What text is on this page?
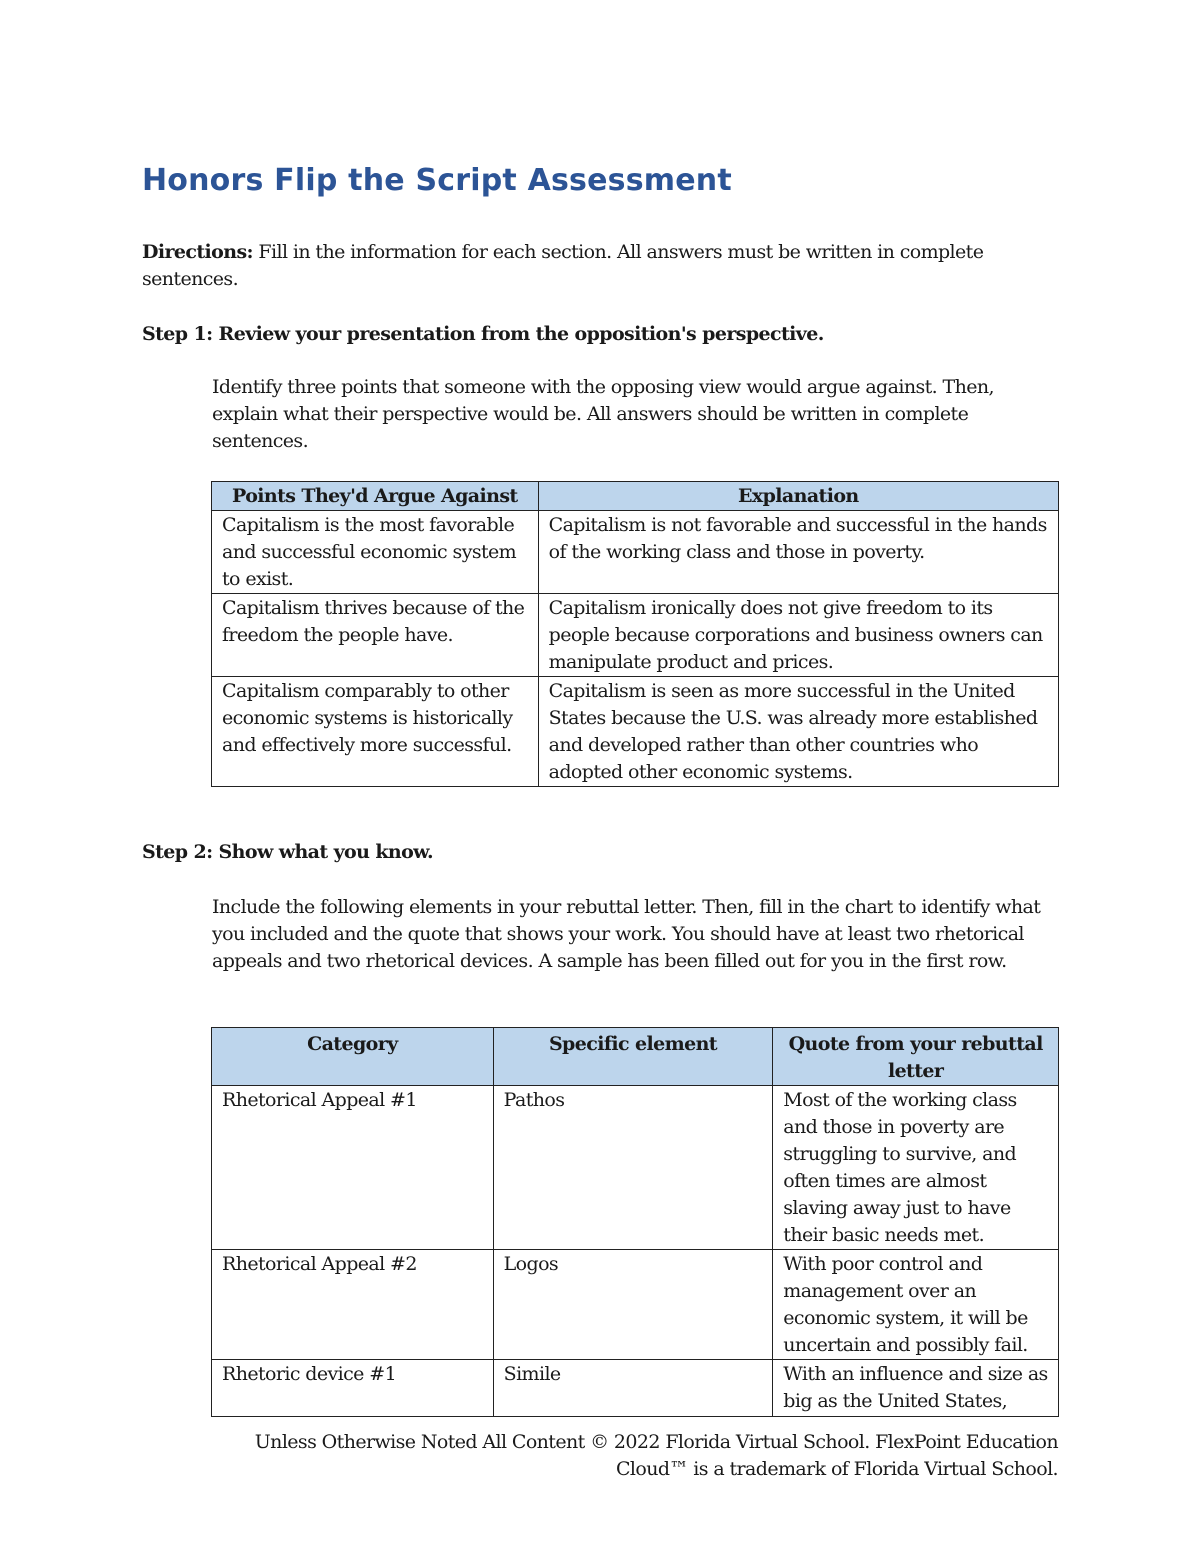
Honors Flip the Script Assessment

Directions: Fill in the information for each section. All answers must be written in complete sentences.

Step 1: Review your presentation from the opposition's perspective.

Identify three points that someone with the opposing view would argue against. Then, explain what their perspective would be. All answers should be written in complete sentences.

Points They'd Argue Against	Explanation
Capitalism is the most favorable and successful economic system to exist.	Capitalism is not favorable and successful in the hands of the working class and those in poverty.
Capitalism thrives because of the freedom the people have.	Capitalism ironically does not give freedom to its people because corporations and business owners can manipulate product and prices.
Capitalism comparably to other economic systems is historically and effectively more successful.	Capitalism is seen as more successful in the United States because the U.S. was already more established and developed rather than other countries who adopted other economic systems.

Step 2: Show what you know.

Include the following elements in your rebuttal letter. Then, fill in the chart to identify what you included and the quote that shows your work. You should have at least two rhetorical appeals and two rhetorical devices. A sample has been filled out for you in the first row.

Category	Specific element	Quote from your rebuttal letter
Rhetorical Appeal #1	Pathos	Most of the working class and those in poverty are struggling to survive, and often times are almost slaving away just to have their basic needs met.
Rhetorical Appeal #2	Logos	With poor control and management over an economic system, it will be uncertain and possibly fail.
Rhetoric device #1	Simile	With an influence and size as big as the United States,

Unless Otherwise Noted All Content © 2022 Florida Virtual School. FlexPoint Education Cloud™ is a trademark of Florida Virtual School.
